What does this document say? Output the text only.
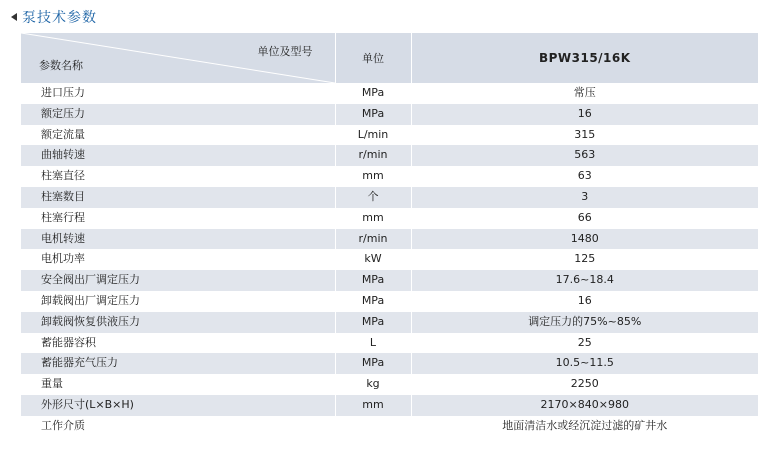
泵技术参数
单位及型号
参数名称	单位	BPW315/16K
进口压力	MPa	常压
额定压力	MPa	16
额定流量	L/min	315
曲轴转速	r/min	563
柱塞直径	mm	63
柱塞数目	个	3
柱塞行程	mm	66
电机转速	r/min	1480
电机功率	kW	125
安全阀出厂调定压力	MPa	17.6~18.4
卸载阀出厂调定压力	MPa	16
卸载阀恢复供液压力	MPa	调定压力的75%~85%
蓄能器容积	L	25
蓄能器充气压力	MPa	10.5~11.5
重量	kg	2250
外形尺寸(L×B×H)	mm	2170×840×980
工作介质		地面清洁水或经沉淀过滤的矿井水
